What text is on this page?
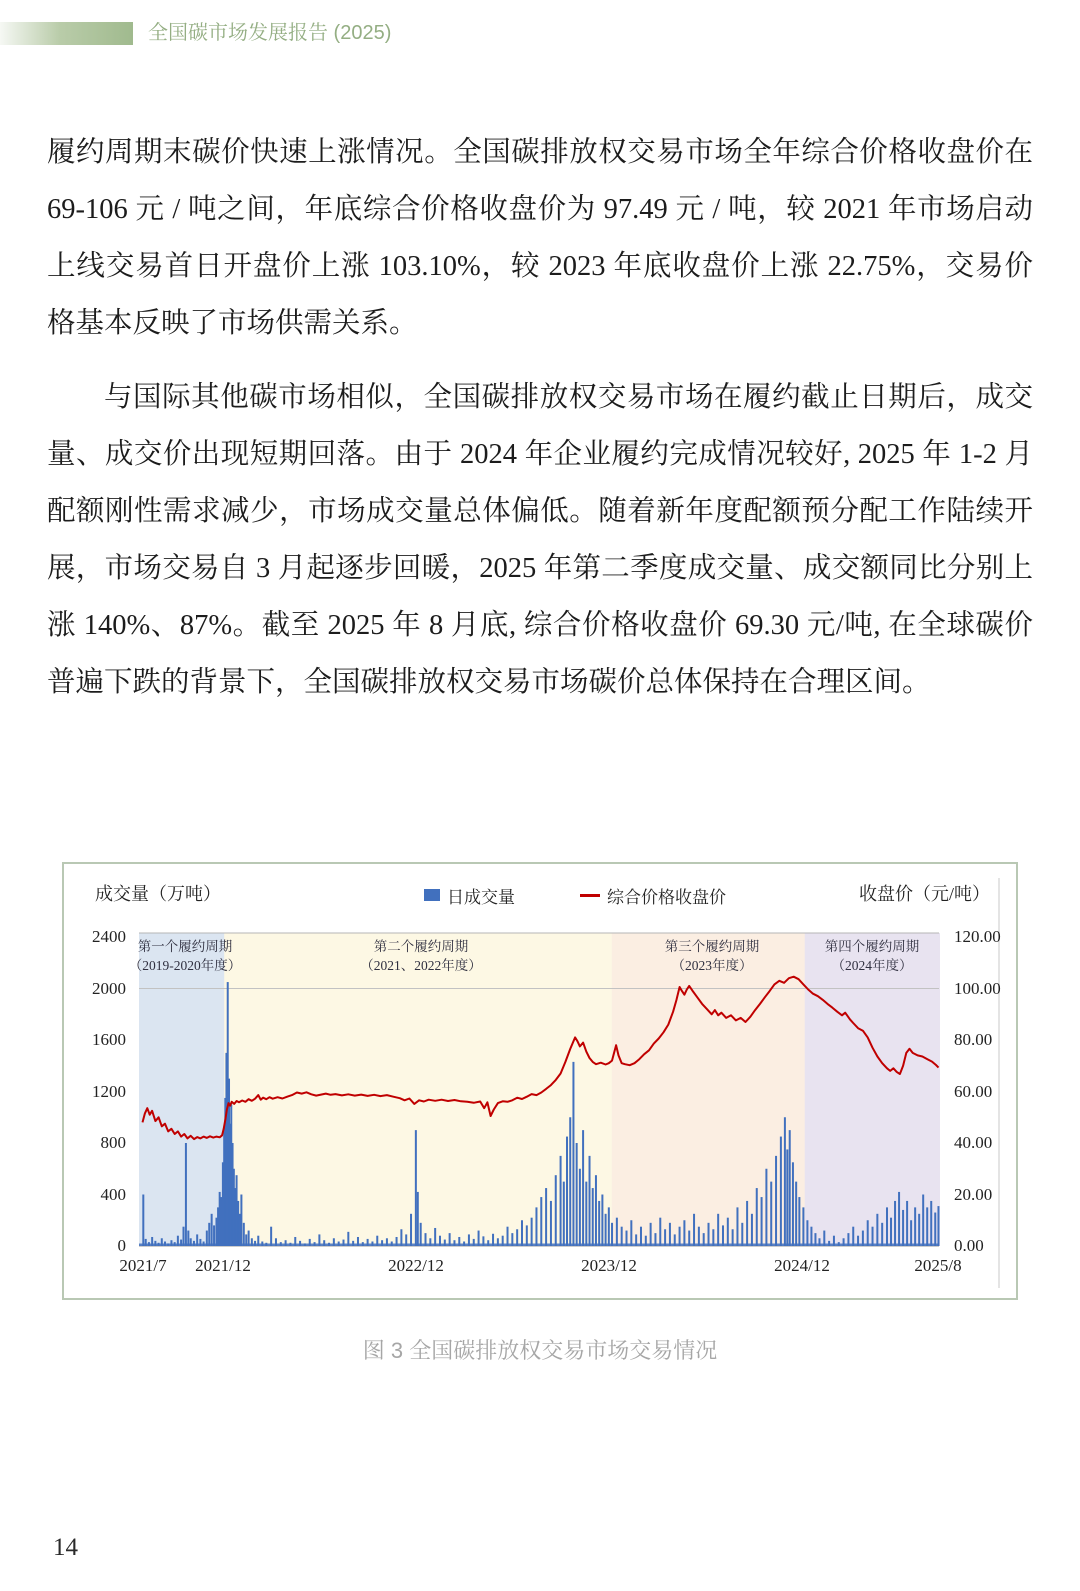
全国碳市场发展报告 (2025)

履约周期末碳价快速上涨情况。全国碳排放权交易市场全年综合价格收盘价在 69-106 元 / 吨之间，年底综合价格收盘价为 97.49 元 / 吨，较 2021 年市场启动上线交易首日开盘价上涨 103.10%，较 2023 年底收盘价上涨 22.75%，交易价格基本反映了市场供需关系。

与国际其他碳市场相似，全国碳排放权交易市场在履约截止日期后，成交量、成交价出现短期回落。由于 2024 年企业履约完成情况较好, 2025 年 1-2 月配额刚性需求减少，市场成交量总体偏低。随着新年度配额预分配工作陆续开展，市场交易自 3 月起逐步回暖，2025 年第二季度成交量、成交额同比分别上涨 140%、87%。截至 2025 年 8 月底, 综合价格收盘价 69.30 元/吨, 在全球碳价普遍下跌的背景下，全国碳排放权交易市场碳价总体保持在合理区间。

成交量（万吨）	收盘价（元/吨）
日成交量	综合价格收盘价
2400
2000
1600
1200
800
400
0
120.00
100.00
80.00
60.00
40.00
20.00
0.00
2021/7 2021/12	2022/12	2023/12	2024/12	2025/8
第一个履约周期
（2019-2020年度）
第二个履约周期
（2021、2022年度）
第三个履约周期
（2023年度）
第四个履约周期
（2024年度）
图 3 全国碳排放权交易市场交易情况
14
